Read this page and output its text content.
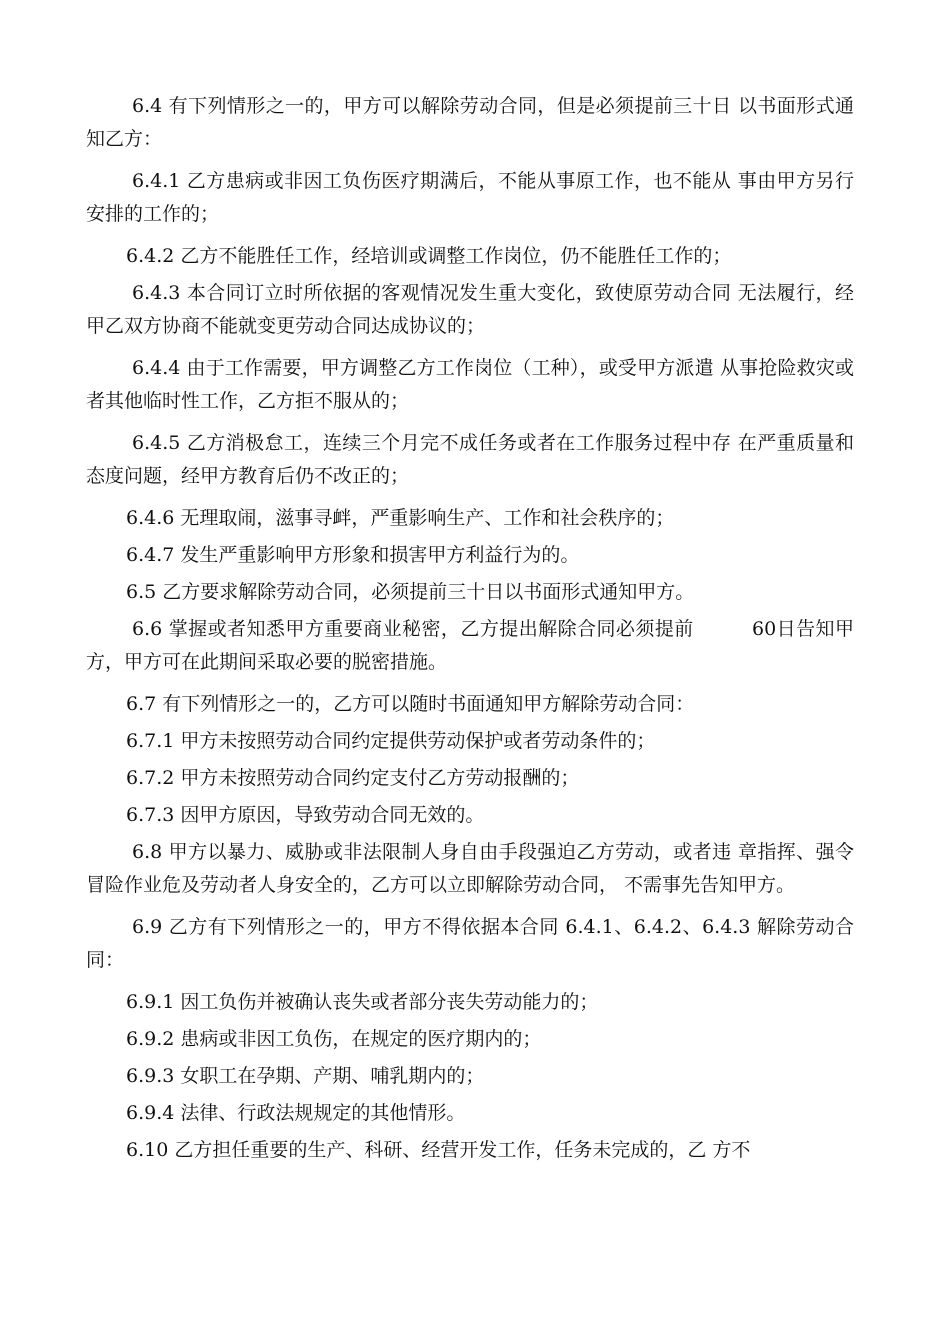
6.4 有下列情形之一的，甲方可以解除劳动合同，但是必须提前三十日 以书面形式通知乙方：

6.4.1 乙方患病或非因工负伤医疗期满后，不能从事原工作，也不能从 事由甲方另行安排的工作的；

6.4.2 乙方不能胜任工作，经培训或调整工作岗位，仍不能胜任工作的；

6.4.3 本合同订立时所依据的客观情况发生重大变化，致使原劳动合同 无法履行，经甲乙双方协商不能就变更劳动合同达成协议的；

6.4.4 由于工作需要，甲方调整乙方工作岗位（工种），或受甲方派遣 从事抢险救灾或者其他临时性工作，乙方拒不服从的；

6.4.5 乙方消极怠工，连续三个月完不成任务或者在工作服务过程中存 在严重质量和态度问题，经甲方教育后仍不改正的；

6.4.6 无理取闹，滋事寻衅，严重影响生产、工作和社会秩序的；

6.4.7 发生严重影响甲方形象和损害甲方利益行为的。

6.5 乙方要求解除劳动合同，必须提前三十日以书面形式通知甲方。

6.6 掌握或者知悉甲方重要商业秘密，乙方提出解除合同必须提前　　　60日告知甲方，甲方可在此期间采取必要的脱密措施。

6.7 有下列情形之一的，乙方可以随时书面通知甲方解除劳动合同：

6.7.1 甲方未按照劳动合同约定提供劳动保护或者劳动条件的；

6.7.2 甲方未按照劳动合同约定支付乙方劳动报酬的；

6.7.3 因甲方原因，导致劳动合同无效的。

6.8 甲方以暴力、威胁或非法限制人身自由手段强迫乙方劳动，或者违 章指挥、强令冒险作业危及劳动者人身安全的，乙方可以立即解除劳动合同， 不需事先告知甲方。

6.9 乙方有下列情形之一的，甲方不得依据本合同 6.4.1、6.4.2、6.4.3 解除劳动合同：

6.9.1 因工负伤并被确认丧失或者部分丧失劳动能力的；

6.9.2 患病或非因工负伤，在规定的医疗期内的；

6.9.3 女职工在孕期、产期、哺乳期内的；

6.9.4 法律、行政法规规定的其他情形。

6.10 乙方担任重要的生产、科研、经营开发工作，任务未完成的，乙 方不
